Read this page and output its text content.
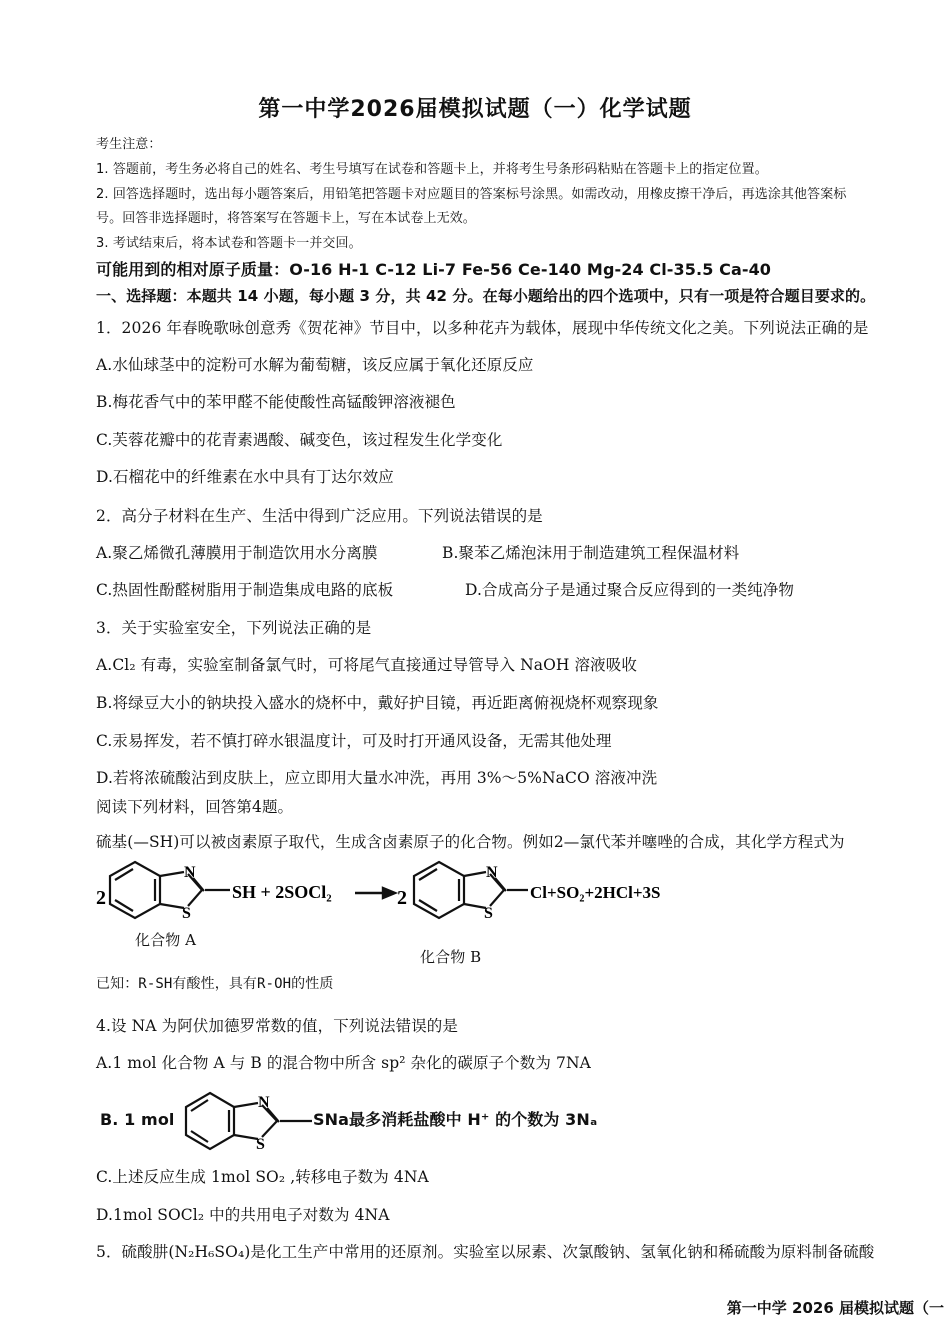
第一中学2026届模拟试题（一）化学试题
考生注意：
1. 答题前，考生务必将自己的姓名、考生号填写在试卷和答题卡上，并将考生号条形码粘贴在答题卡上的指定位置。
2. 回答选择题时，选出每小题答案后，用铅笔把答题卡对应题目的答案标号涂黑。如需改动，用橡皮擦干净后，再选涂其他答案标
号。回答非选择题时，将答案写在答题卡上，写在本试卷上无效。
3. 考试结束后，将本试卷和答题卡一并交回。
可能用到的相对原子质量：O-16 H-1 C-12 Li-7 Fe-56 Ce-140 Mg-24 Cl-35.5 Ca-40
一、选择题：本题共 14 小题，每小题 3 分，共 42 分。在每小题给出的四个选项中，只有一项是符合题目要求的。
1．2026 年春晚歌咏创意秀《贺花神》节目中，以多种花卉为载体，展现中华传统文化之美。下列说法正确的是
A.水仙球茎中的淀粉可水解为葡萄糖，该反应属于氧化还原反应
B.梅花香气中的苯甲醛不能使酸性高锰酸钾溶液褪色
C.芙蓉花瓣中的花青素遇酸、碱变色，该过程发生化学变化
D.石榴花中的纤维素在水中具有丁达尔效应
2．高分子材料在生产、生活中得到广泛应用。下列说法错误的是
A.聚乙烯微孔薄膜用于制造饮用水分离膜	B.聚苯乙烯泡沫用于制造建筑工程保温材料
C.热固性酚醛树脂用于制造集成电路的底板	D.合成高分子是通过聚合反应得到的一类纯净物
3．关于实验室安全，下列说法正确的是
A.Cl₂ 有毒，实验室制备氯气时，可将尾气直接通过导管导入 NaOH 溶液吸收
B.将绿豆大小的钠块投入盛水的烧杯中，戴好护目镜，再近距离俯视烧杯观察现象
C.汞易挥发，若不慎打碎水银温度计，可及时打开通风设备，无需其他处理
D.若将浓硫酸沾到皮肤上，应立即用大量水冲洗，再用 3%～5%NaCO 溶液冲洗
阅读下列材料，回答第4题。
硫基(—SH)可以被卤素原子取代，生成含卤素原子的化合物。例如2—氯代苯并噻唑的合成，其化学方程式为
2
N
S
SH + 2SOCl₂	2
N
S
Cl+SO₂+2HCl+3S
化合物 A
化合物 B
已知：R-SH有酸性，具有R-OH的性质
4.设 NA 为阿伏加德罗常数的值，下列说法错误的是
A.1 mol 化合物 A 与 B 的混合物中所含 sp² 杂化的碳原子个数为 7NA
B. 1 mol
N
S
SNa最多消耗盐酸中 H⁺ 的个数为 3Nₐ
C.上述反应生成 1mol SO₂ ,转移电子数为 4NA
D.1mol SOCl₂ 中的共用电子对数为 4NA
5．硫酸肼(N₂H₆SO₄)是化工生产中常用的还原剂。实验室以尿素、次氯酸钠、氢氧化钠和稀硫酸为原料制备硫酸
第一中学 2026 届模拟试题（一
